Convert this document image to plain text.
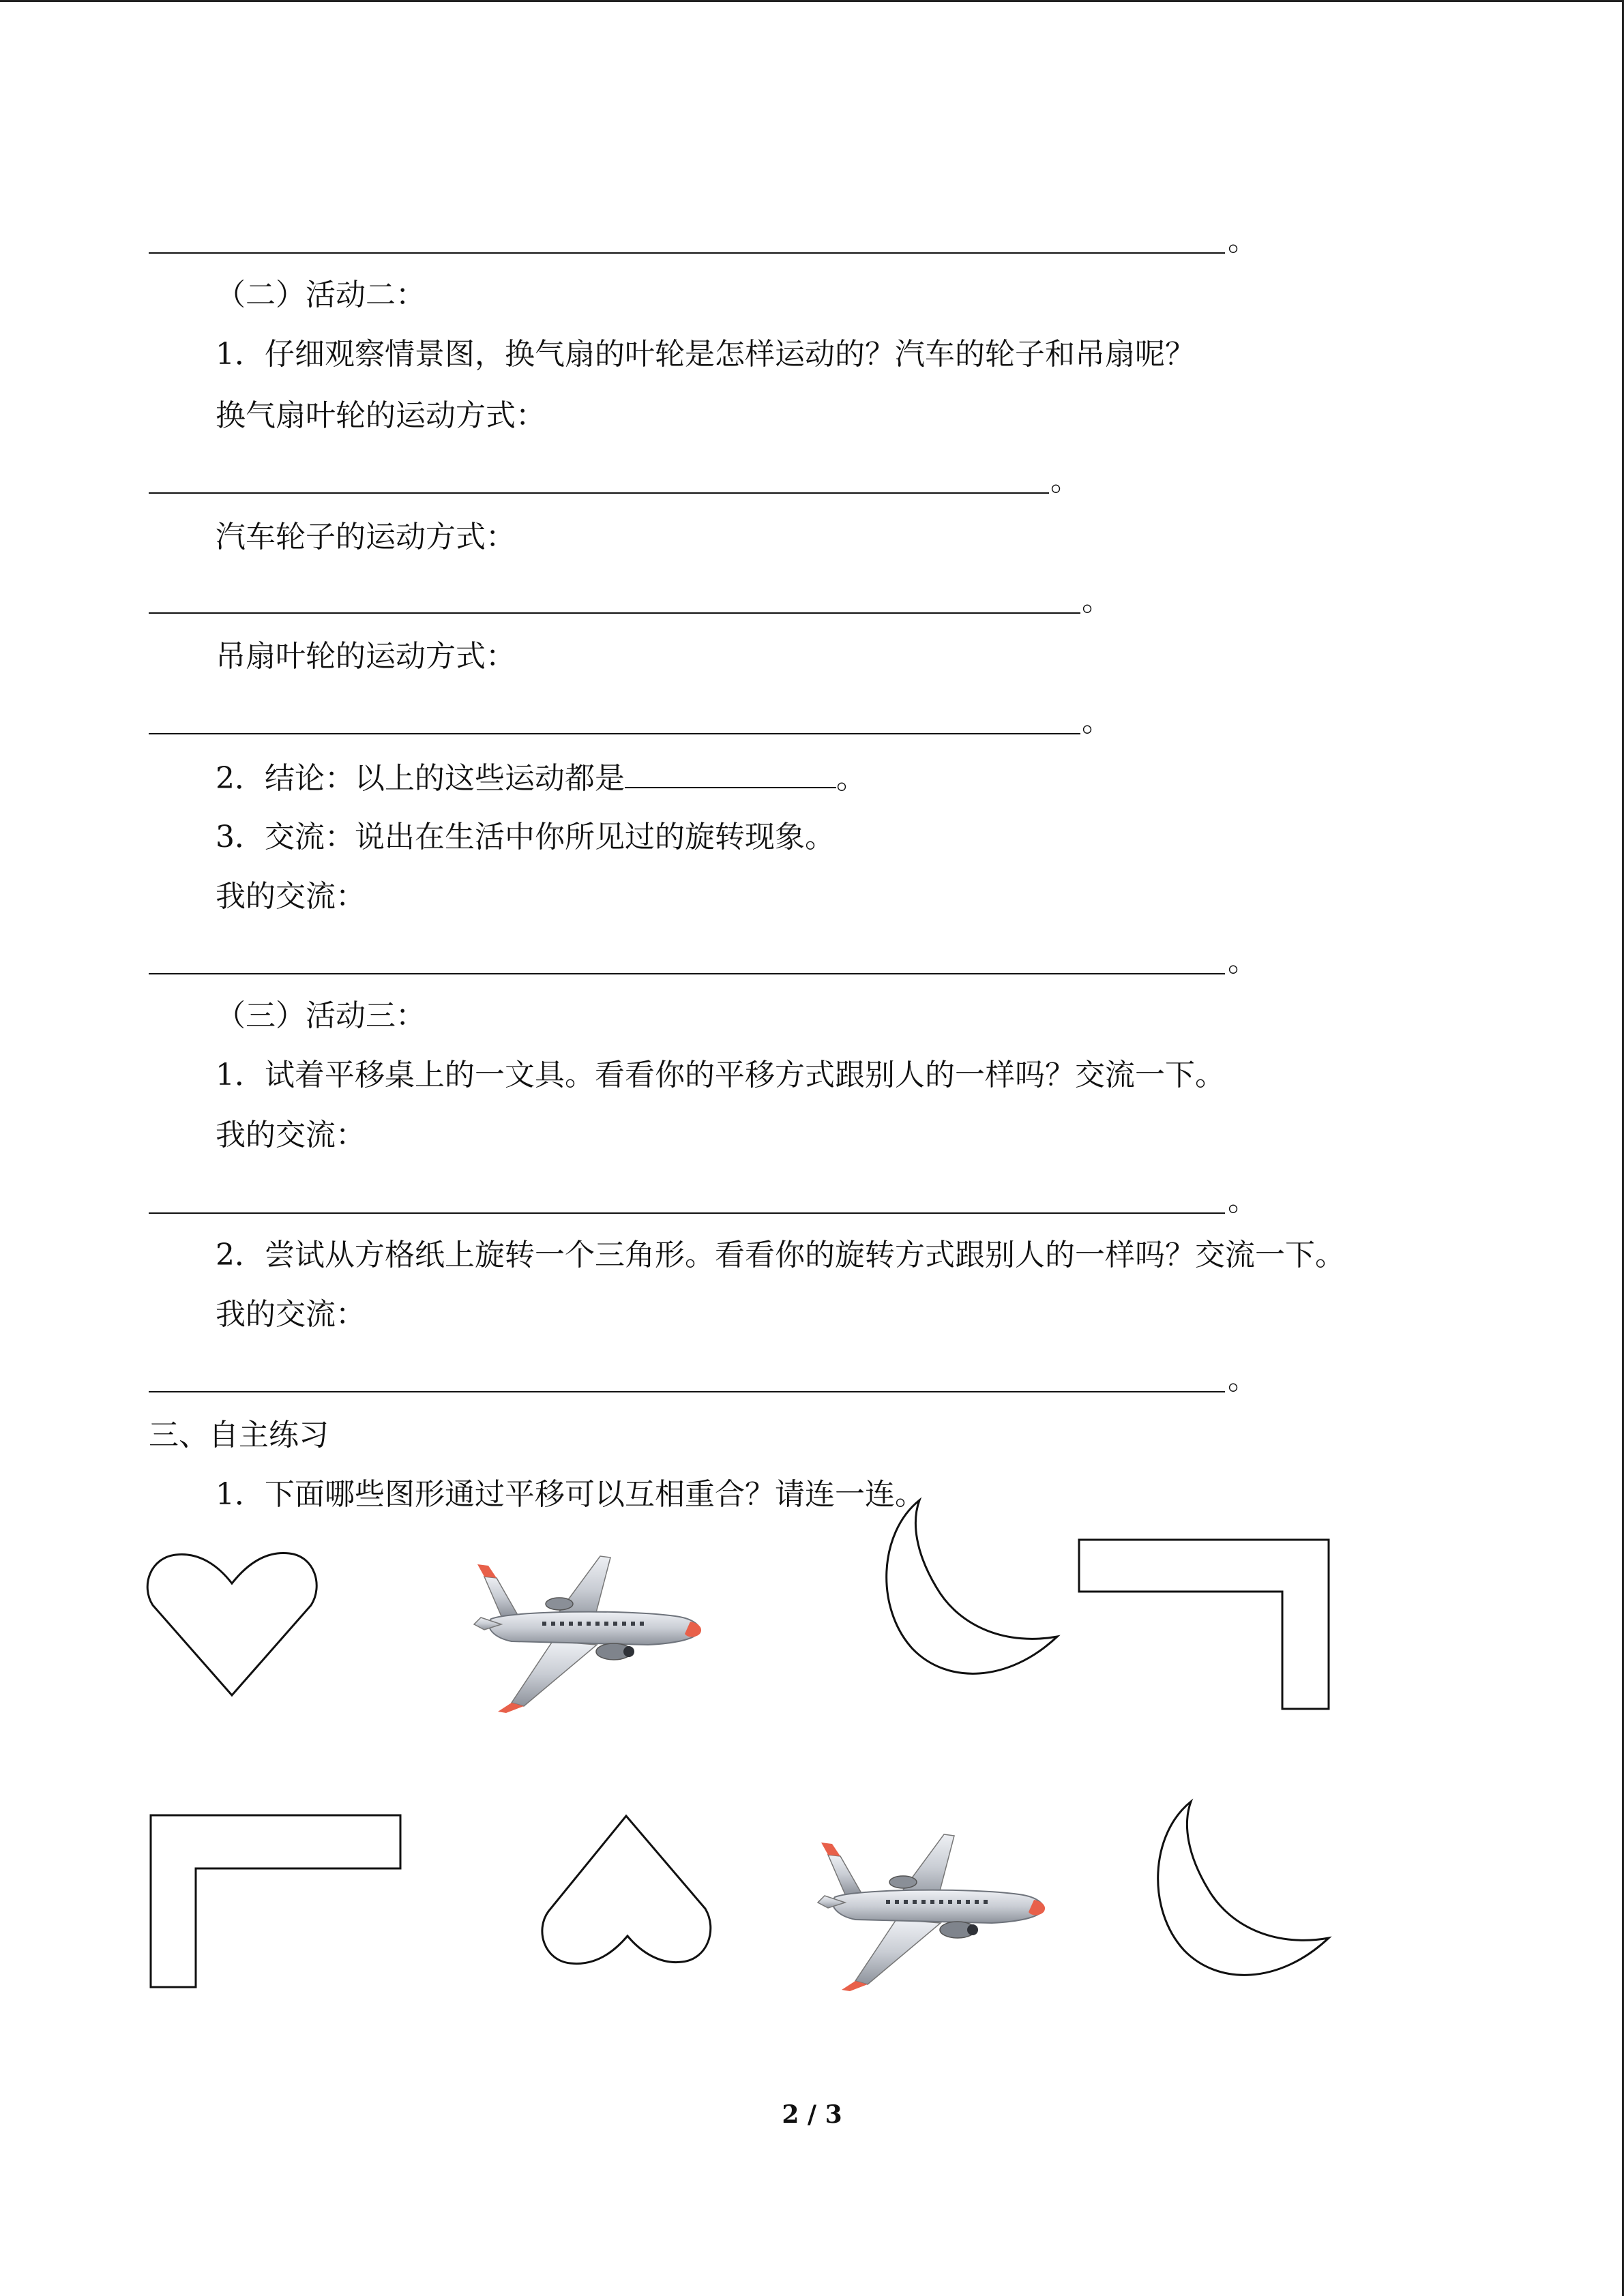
。
（二）活动二：
1．仔细观察情景图，换气扇的叶轮是怎样运动的？汽车的轮子和吊扇呢？
换气扇叶轮的运动方式：
。
汽车轮子的运动方式：
。
吊扇叶轮的运动方式：
。
2．结论：以上的这些运动都是	。
3．交流：说出在生活中你所见过的旋转现象。
我的交流：
。
（三）活动三：
1．试着平移桌上的一文具。看看你的平移方式跟别人的一样吗？交流一下。
我的交流：
。
2．尝试从方格纸上旋转一个三角形。看看你的旋转方式跟别人的一样吗？交流一下。
我的交流：
。
三、自主练习
1．下面哪些图形通过平移可以互相重合？请连一连。
2 / 3
